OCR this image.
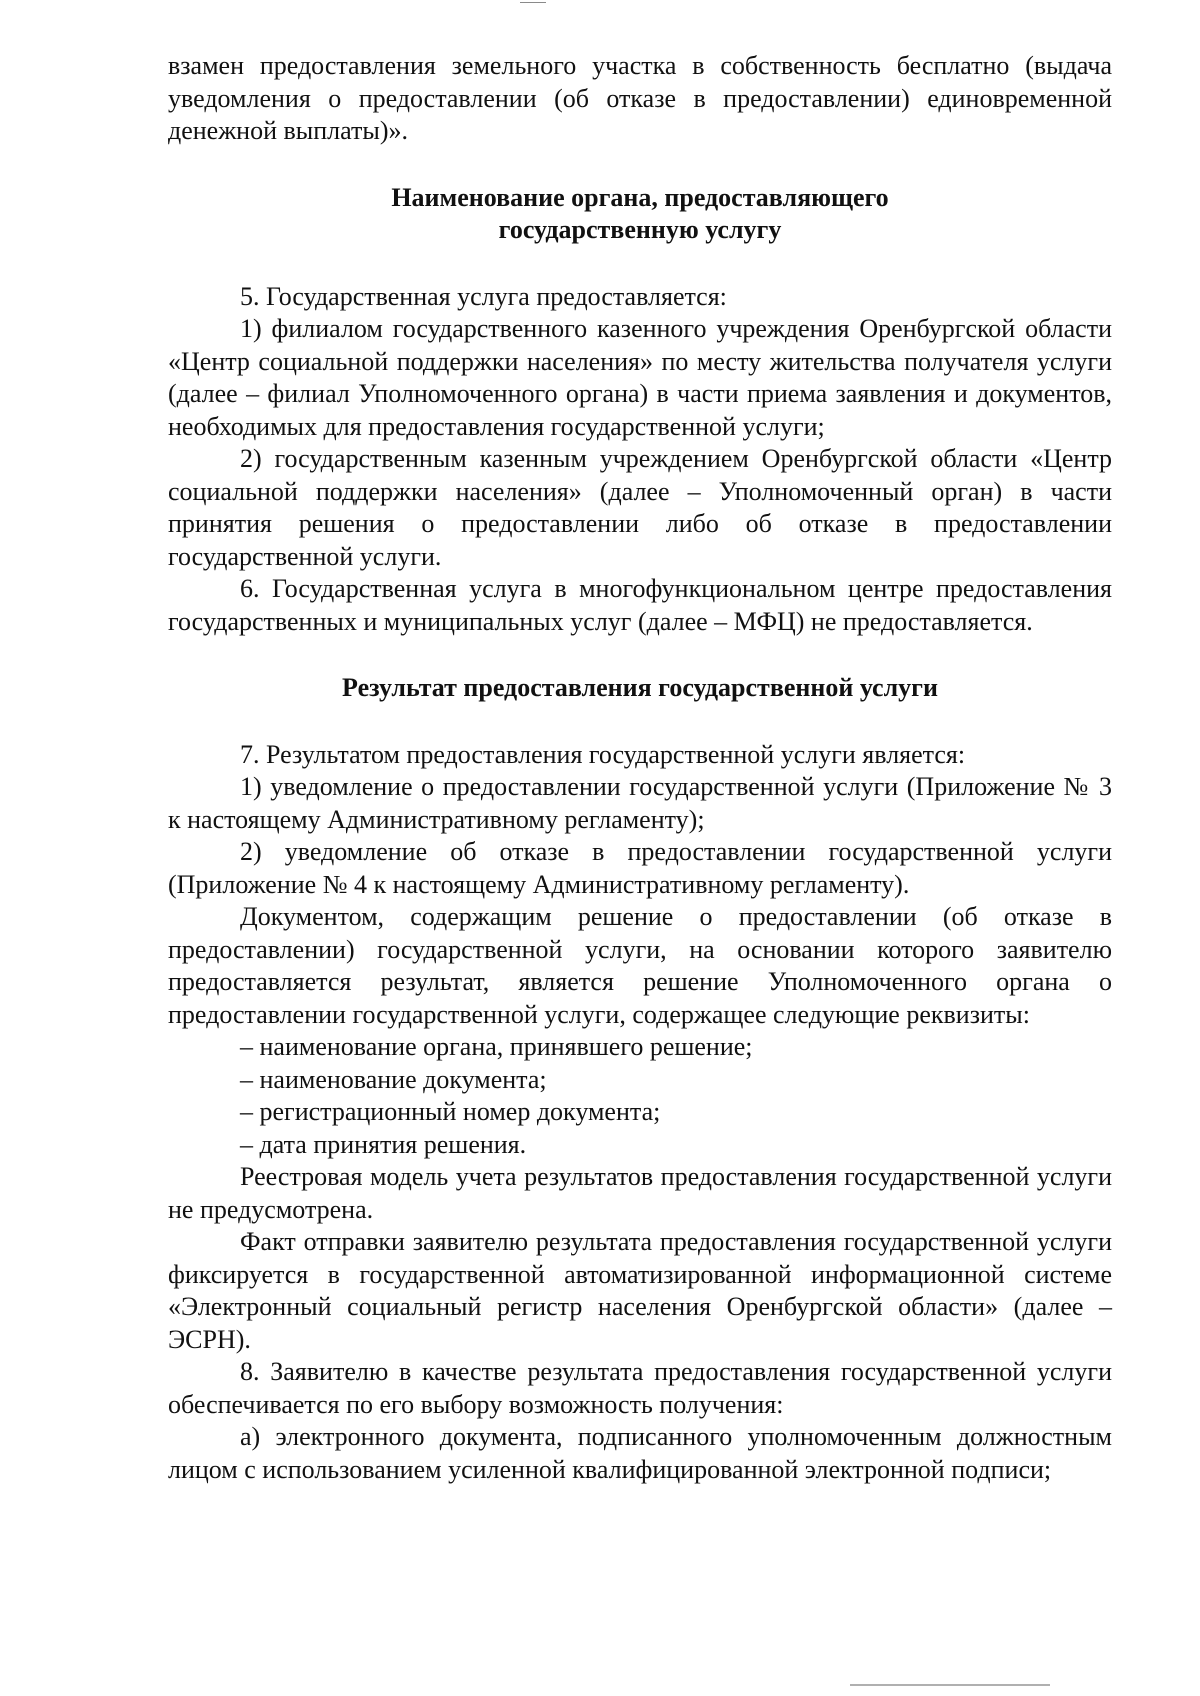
взамен предоставления земельного участка в собственность бесплатно (выдача уведомления о предоставлении (об отказе в предоставлении) единовременной денежной выплаты)».

Наименование органа, предоставляющего
государственную услугу

5. Государственная услуга предоставляется:

1) филиалом государственного казенного учреждения Оренбургской области «Центр социальной поддержки населения» по месту жительства получателя услуги (далее – филиал Уполномоченного органа) в части приема заявления и документов, необходимых для предоставления государственной услуги;

2) государственным казенным учреждением Оренбургской области «Центр социальной поддержки населения» (далее – Уполномоченный орган) в части принятия решения о предоставлении либо об отказе в предоставлении государственной услуги.

6. Государственная услуга в многофункциональном центре предоставления государственных и муниципальных услуг (далее – МФЦ) не предоставляется.

Результат предоставления государственной услуги

7. Результатом предоставления государственной услуги является:

1) уведомление о предоставлении государственной услуги (Приложение № 3 к настоящему Административному регламенту);

2) уведомление об отказе в предоставлении государственной услуги (Приложение № 4 к настоящему Административному регламенту).

Документом, содержащим решение о предоставлении (об отказе в предоставлении) государственной услуги, на основании которого заявителю предоставляется результат, является решение Уполномоченного органа о предоставлении государственной услуги, содержащее следующие реквизиты:

– наименование органа, принявшего решение;

– наименование документа;

– регистрационный номер документа;

– дата принятия решения.

Реестровая модель учета результатов предоставления государственной услуги не предусмотрена.

Факт отправки заявителю результата предоставления государственной услуги фиксируется в государственной автоматизированной информационной системе «Электронный социальный регистр населения Оренбургской области» (далее – ЭСРН).

8. Заявителю в качестве результата предоставления государственной услуги обеспечивается по его выбору возможность получения:

а) электронного документа, подписанного уполномоченным должностным лицом с использованием усиленной квалифицированной электронной подписи;
